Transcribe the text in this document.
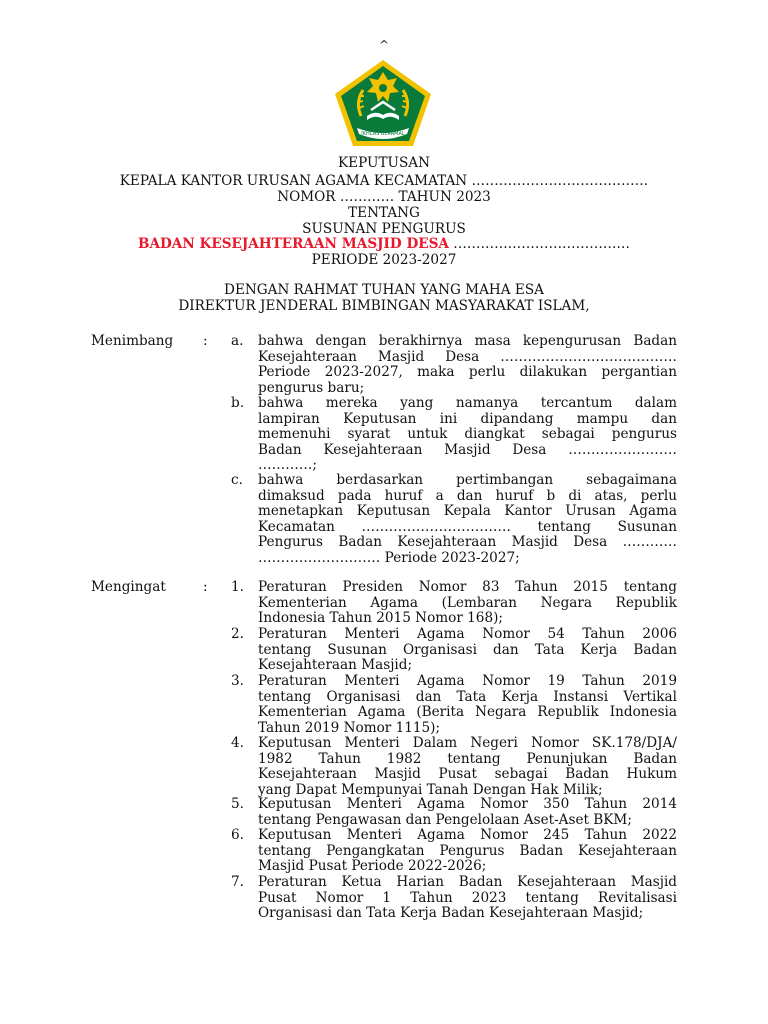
^
IKHLAS BERAMAL
KEPUTUSAN
KEPALA KANTOR URUSAN AGAMA KECAMATAN …………………………………
NOMOR ………… TAHUN 2023
TENTANG
SUSUNAN PENGURUS
BADAN KESEJAHTERAAN MASJID DESA …………………………………
PERIODE 2023-2027
DENGAN RAHMAT TUHAN YANG MAHA ESA
DIREKTUR JENDERAL BIMBINGAN MASYARAKAT ISLAM,
Menimbang : a. bahwa dengan berakhirnya masa kepengurusan Badan
Kesejahteraan Masjid Desa …………………………………
Periode 2023-2027, maka perlu dilakukan pergantian
pengurus baru;
b. bahwa mereka yang namanya tercantum dalam
lampiran Keputusan ini dipandang mampu dan
memenuhi syarat untuk diangkat sebagai pengurus
Badan Kesejahteraan Masjid Desa ……………………
…………;
c. bahwa berdasarkan pertimbangan sebagaimana
dimaksud pada huruf a dan huruf b di atas, perlu
menetapkan Keputusan Kepala Kantor Urusan Agama
Kecamatan …………………………… tentang Susunan
Pengurus Badan Kesejahteraan Masjid Desa …………
……………………… Periode 2023-2027;
Mengingat	: 1. Peraturan Presiden Nomor 83 Tahun 2015 tentang
Kementerian Agama (Lembaran Negara Republik
Indonesia Tahun 2015 Nomor 168);
2. Peraturan Menteri Agama Nomor 54 Tahun 2006
tentang Susunan Organisasi dan Tata Kerja Badan
Kesejahteraan Masjid;
3. Peraturan Menteri Agama Nomor 19 Tahun 2019
tentang Organisasi dan Tata Kerja Instansi Vertikal
Kementerian Agama (Berita Negara Republik Indonesia
Tahun 2019 Nomor 1115);
4. Keputusan Menteri Dalam Negeri Nomor SK.178/DJA/
1982 Tahun 1982 tentang Penunjukan Badan
Kesejahteraan Masjid Pusat sebagai Badan Hukum
yang Dapat Mempunyai Tanah Dengan Hak Milik;
5. Keputusan Menteri Agama Nomor 350 Tahun 2014
tentang Pengawasan dan Pengelolaan Aset-Aset BKM;
6. Keputusan Menteri Agama Nomor 245 Tahun 2022
tentang Pengangkatan Pengurus Badan Kesejahteraan
Masjid Pusat Periode 2022-2026;
7. Peraturan Ketua Harian Badan Kesejahteraan Masjid
Pusat Nomor 1 Tahun 2023 tentang Revitalisasi
Organisasi dan Tata Kerja Badan Kesejahteraan Masjid;
